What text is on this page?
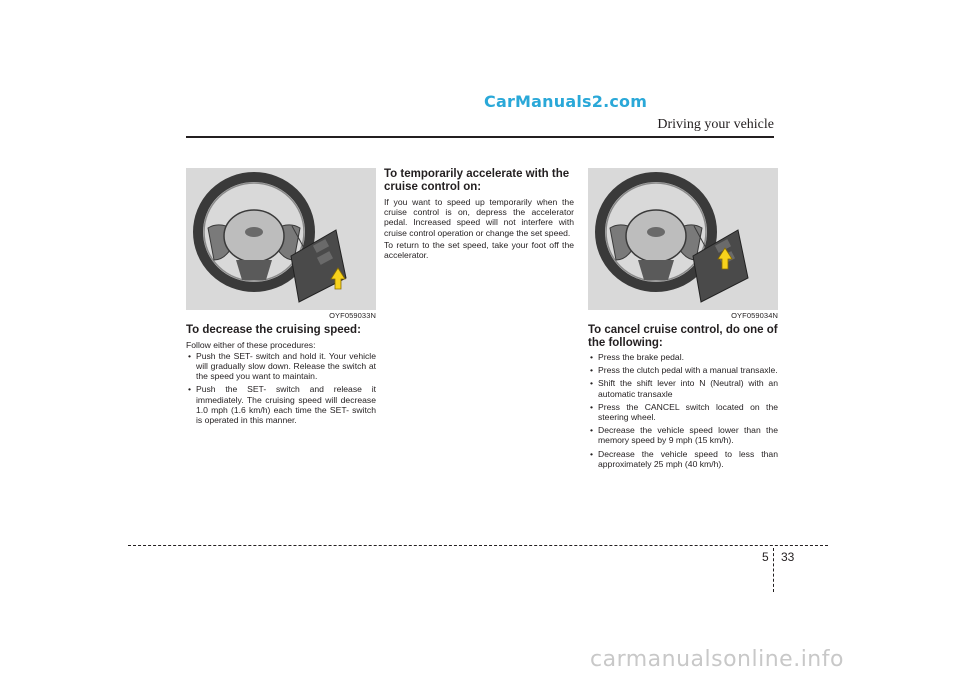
CarManuals2.com
Driving your vehicle
OYF059033N
To decrease the cruising speed:

Follow either of these procedures:

• Push the SET- switch and hold it. Your vehicle will gradually slow down. Release the switch at the speed you want to maintain.
• Push the SET- switch and release it immediately. The cruising speed will decrease 1.0 mph (1.6 km/h) each time the SET- switch is operated in this manner.
To temporarily accelerate with the cruise control on:

If you want to speed up temporarily when the cruise control is on, depress the accelerator pedal. Increased speed will not interfere with cruise control operation or change the set speed.

To return to the set speed, take your foot off the accelerator.

OYF059034N
To cancel cruise control, do one of the following:
• Press the brake pedal.
• Press the clutch pedal with a manual transaxle.
• Shift the shift lever into N (Neutral) with an automatic transaxle
• Press the CANCEL switch located on the steering wheel.
• Decrease the vehicle speed lower than the memory speed by 9 mph (15 km/h).
• Decrease the vehicle speed to less than approximately 25 mph (40 km/h).
5 33
carmanualsonline.info
